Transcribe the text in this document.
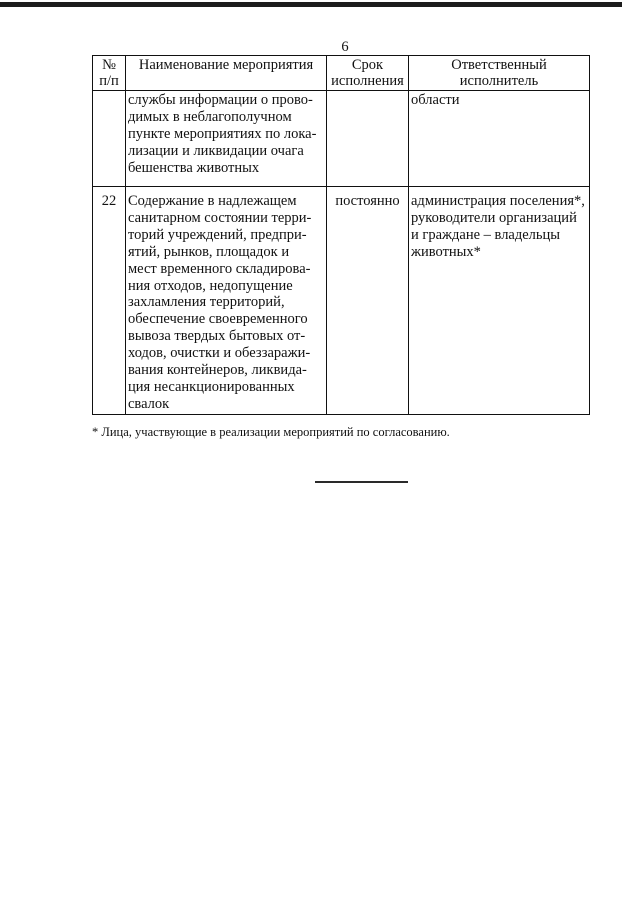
6
№
п/п
Наименование мероприятия	Срок
исполнения
Ответственный
исполнитель
службы информации о прово-
димых в неблагополучном
пункте мероприятиях по лока-
лизации и ликвидации очага
бешенства животных
области
22 Содержание в надлежащем
санитарном состоянии терри-
торий учреждений, предпри-
ятий, рынков, площадок и
мест временного складирова-
ния отходов, недопущение
захламления территорий,
обеспечение своевременного
вывоза твердых бытовых от-
ходов, очистки и обеззаражи-
вания контейнеров, ликвида-
ция несанкционированных
свалок
постоянно администрация поселения*,
руководители организаций
и граждане – владельцы
животных*
* Лица, участвующие в реализации мероприятий по согласованию.
